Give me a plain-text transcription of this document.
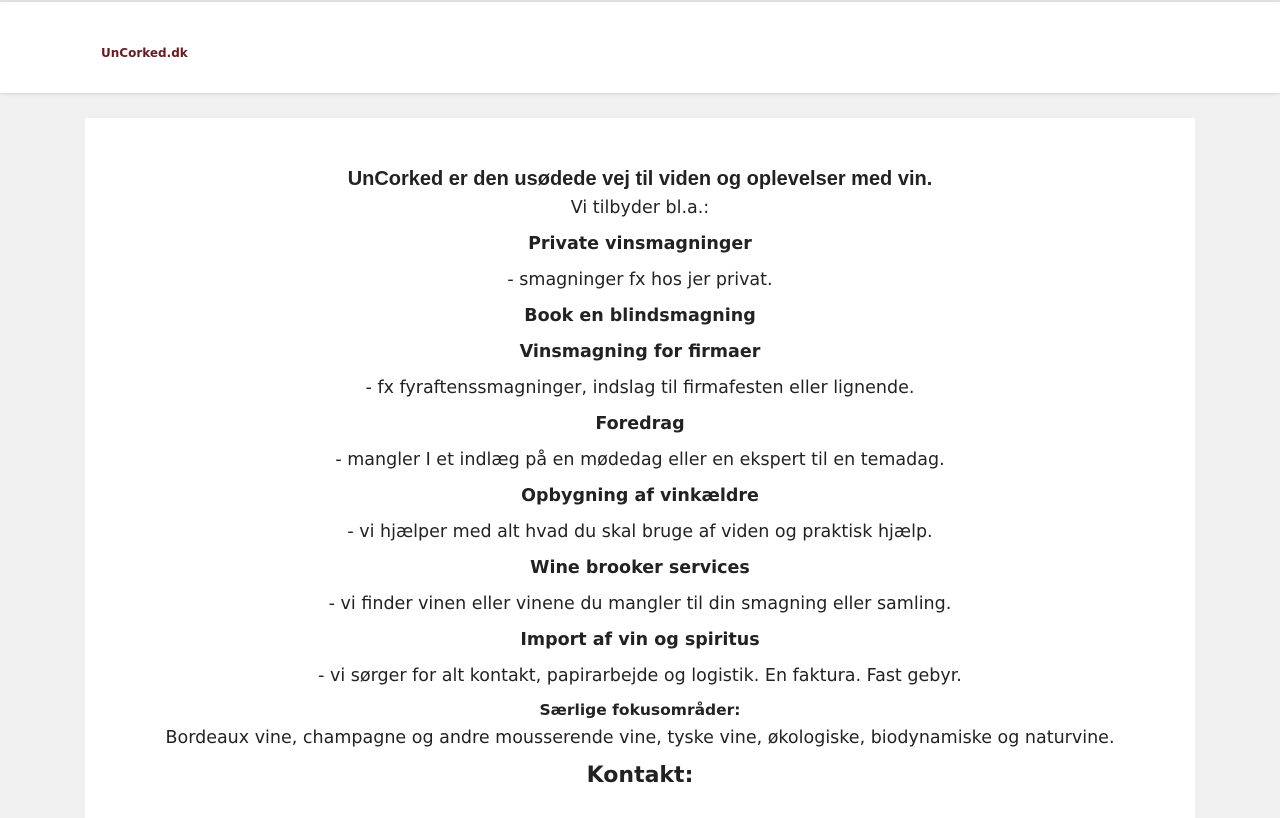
UnCorked.dk
UnCorked er den usødede vej til viden og oplevelser med vin.
Vi tilbyder bl.a.:
Private vinsmagninger
- smagninger fx hos jer privat.
Book en blindsmagning
Vinsmagning for firmaer
- fx fyraftenssmagninger, indslag til firmafesten eller lignende.
Foredrag
- mangler I et indlæg på en mødedag eller en ekspert til en temadag.
Opbygning af vinkældre
- vi hjælper med alt hvad du skal bruge af viden og praktisk hjælp.
Wine brooker services
- vi finder vinen eller vinene du mangler til din smagning eller samling.
Import af vin og spiritus
- vi sørger for alt kontakt, papirarbejde og logistik. En faktura. Fast gebyr.
Særlige fokusområder:
Bordeaux vine, champagne og andre mousserende vine, tyske vine, økologiske, biodynamiske og naturvine.
Kontakt:
